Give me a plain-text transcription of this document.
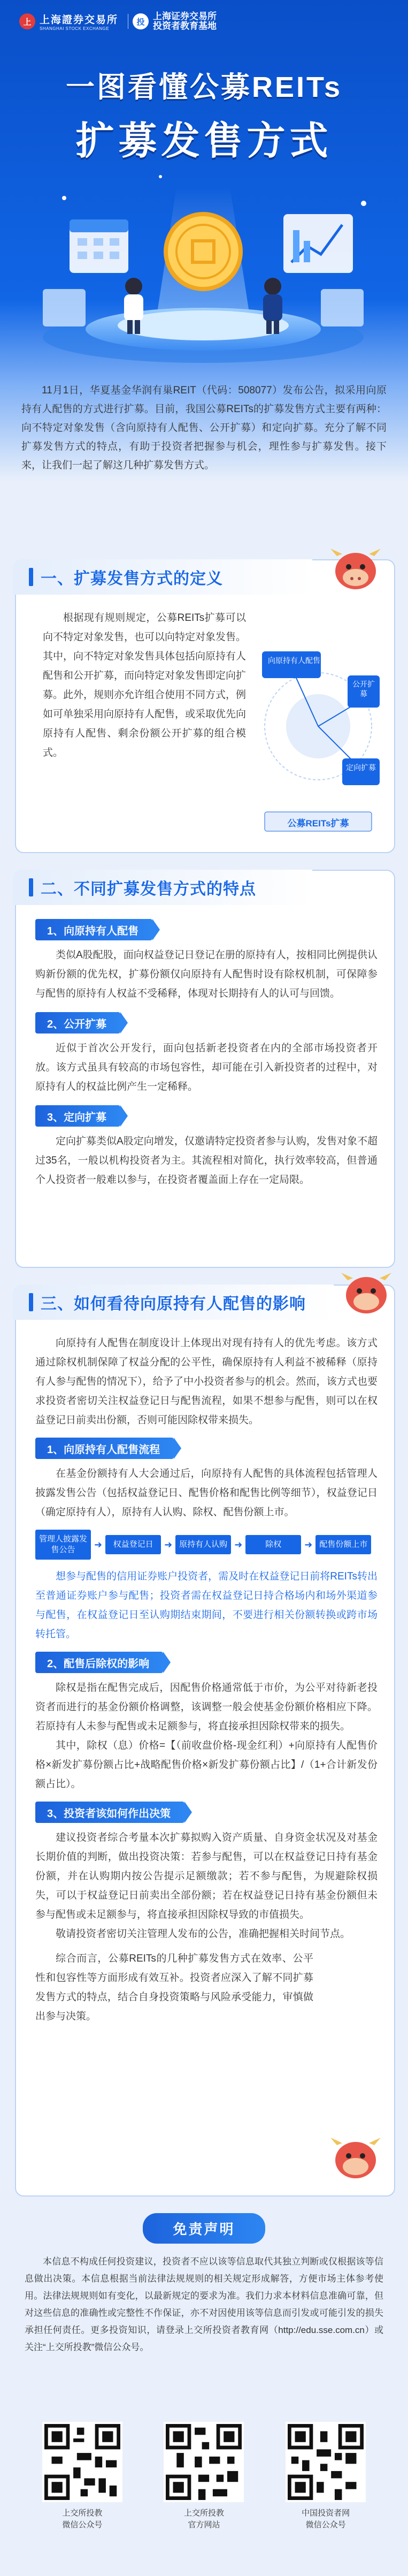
上 上海證券交易所
SHANGHAI STOCK EXCHANGE
投
上海证券交易所
投资者教育基地
一图看懂公募REITs
扩募发售方式
11月1日，华夏基金华润有巢REIT（代码：508077）发布公告，拟采用向原持有人配售的方式进行扩募。目前，我国公募REITs的扩募发售方式主要有两种：向不特定对象发售（含向原持有人配售、公开扩募）和定向扩募。充分了解不同扩募发售方式的特点，有助于投资者把握参与机会，理性参与扩募发售。接下来，让我们一起了解这几种扩募发售方式。
一、扩募发售方式的定义
根据现有规则规定，公募REITs扩募可以向不特定对象发售，也可以向特定对象发售。其中，向不特定对象发售具体包括向原持有人配售和公开扩募，而向特定对象发售即定向扩募。此外，规则亦允许组合使用不同方式，例如可单独采用向原持有人配售，或采取优先向原持有人配售、剩余份额公开扩募的组合模式。
向原持有人配售
公开扩募
定向扩募
公募REITs扩募
二、不同扩募发售方式的特点
1、向原持有人配售
类似A股配股，面向权益登记日登记在册的原持有人，按相同比例提供认购新份额的优先权，扩募份额仅向原持有人配售时设有除权机制，可保障参与配售的原持有人权益不受稀释，体现对长期持有人的认可与回馈。
2、公开扩募
近似于首次公开发行，面向包括新老投资者在内的全部市场投资者开放。该方式虽具有较高的市场包容性，却可能在引入新投资者的过程中，对原持有人的权益比例产生一定稀释。
3、定向扩募
定向扩募类似A股定向增发，仅邀请特定投资者参与认购，发售对象不超过35名，一般以机构投资者为主。其流程相对简化，执行效率较高，但普通个人投资者一般难以参与，在投资者覆盖面上存在一定局限。
三、如何看待向原持有人配售的影响
向原持有人配售在制度设计上体现出对现有持有人的优先考虑。该方式通过除权机制保障了权益分配的公平性，确保原持有人利益不被稀释（原持有人参与配售的情况下），给予了中小投资者参与的机会。然而，该方式也要求投资者密切关注权益登记日与配售流程，如果不想参与配售，则可以在权益登记日前卖出份额，否则可能因除权带来损失。
1、向原持有人配售流程
在基金份额持有人大会通过后，向原持有人配售的具体流程包括管理人披露发售公告（包括权益登记日、配售价格和配售比例等细节），权益登记日（确定原持有人），原持有人认购、除权、配售份额上市。
管理人披露发售公告	➜	权益登记日	➜ 原持有人认购 ➜	除权	➜ 配售份额上市
想参与配售的信用证券账户投资者，需及时在权益登记日前将REITs转出至普通证券账户参与配售；投资者需在权益登记日持合格场内和场外渠道参与配售，在权益登记日至认购期结束期间，不要进行相关份额转换或跨市场转托管。
2、配售后除权的影响
除权是指在配售完成后，因配售价格通常低于市价，为公平对待新老投资者而进行的基金份额价格调整，该调整一般会使基金份额价格相应下降。若原持有人未参与配售或未足额参与，将直接承担因除权带来的损失。
其中，除权（息）价格=【（前收盘价格-现金红利）+向原持有人配售价格×新发扩募份额占比+战略配售价格×新发扩募份额占比】/（1+合计新发份额占比）。
3、投资者该如何作出决策
建议投资者综合考量本次扩募拟购入资产质量、自身资金状况及对基金长期价值的判断，做出投资决策：若参与配售，可以在权益登记日持有基金份额，并在认购期内按公告提示足额缴款；若不参与配售，为规避除权损失，可以于权益登记日前卖出全部份额；若在权益登记日持有基金份额但未参与配售或未足额参与，将直接承担因除权导致的市值损失。
敬请投资者密切关注管理人发布的公告，准确把握相关时间节点。
综合而言，公募REITs的几种扩募发售方式在效率、公平性和包容性等方面形成有效互补。投资者应深入了解不同扩募发售方式的特点，结合自身投资策略与风险承受能力，审慎做出参与决策。
免责声明
本信息不构成任何投资建议，投资者不应以该等信息取代其独立判断或仅根据该等信息做出决策。本信息根据当前法律法规规则的相关规定形成解答，方便市场主体参考使用。法律法规规则如有变化，以最新规定的要求为准。我们力求本材料信息准确可靠，但对这些信息的准确性或完整性不作保证，亦不对因使用该等信息而引发或可能引发的损失承担任何责任。更多投资知识，请登录上交所投资者教育网（http://edu.sse.com.cn）或关注“上交所投教”微信公众号。
上交所投教
微信公众号
上交所投教
官方网站
中国投资者网
微信公众号
